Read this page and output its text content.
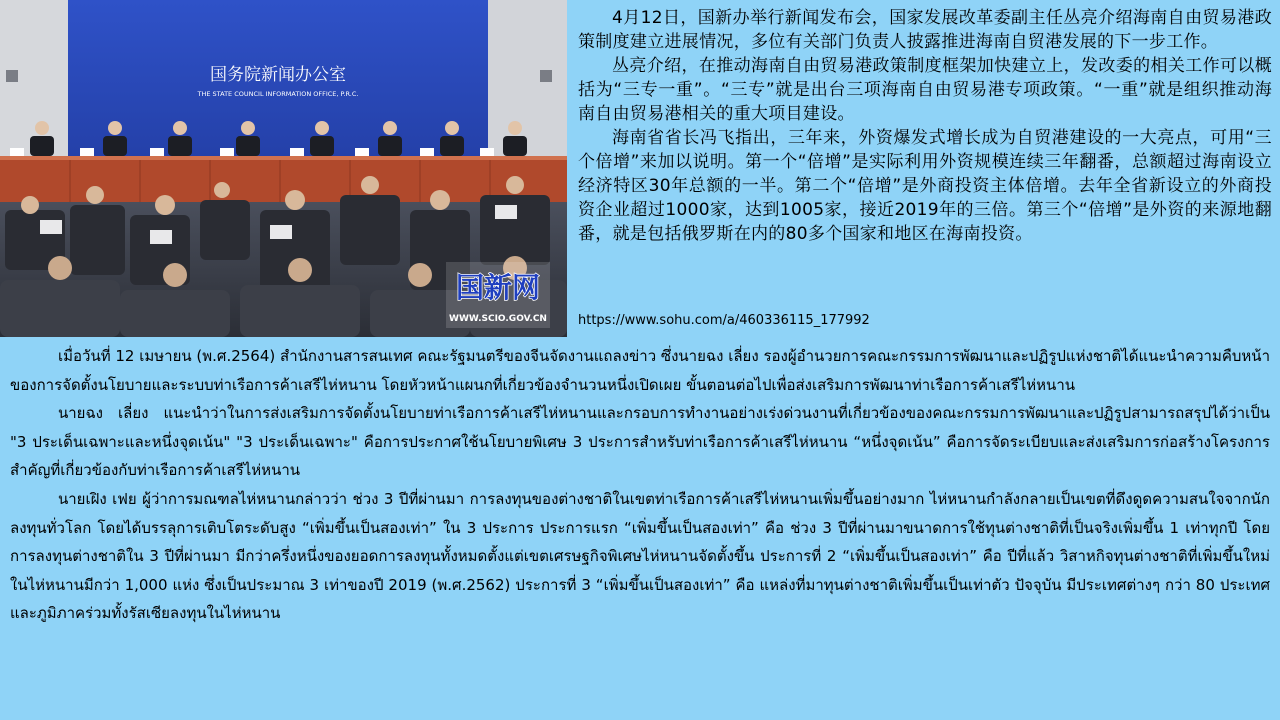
国务院新闻办公室
THE STATE COUNCIL INFORMATION OFFICE, P.R.C.
国新网
WWW.SCIO.GOV.CN

4月12日，国新办举行新闻发布会，国家发展改革委副主任丛亮介绍海南自由贸易港政策制度建立进展情况，多位有关部门负责人披露推进海南自贸港发展的下一步工作。

丛亮介绍，在推动海南自由贸易港政策制度框架加快建立上，发改委的相关工作可以概括为“三专一重”。“三专”就是出台三项海南自由贸易港专项政策。“一重”就是组织推动海南自由贸易港相关的重大项目建设。

海南省省长冯飞指出，三年来，外资爆发式增长成为自贸港建设的一大亮点，可用“三个倍增”来加以说明。第一个“倍增”是实际利用外资规模连续三年翻番，总额超过海南设立经济特区30年总额的一半。第二个“倍增”是外商投资主体倍增。去年全省新设立的外商投资企业超过1000家，达到1005家，接近2019年的三倍。第三个“倍增”是外资的来源地翻番，就是包括俄罗斯在内的80多个国家和地区在海南投资。

https://www.sohu.com/a/460336115_177992

เมื่อวันที่ 12 เมษายน (พ.ศ.2564) สำนักงานสารสนเทศ คณะรัฐมนตรีของจีนจัดงานแถลงข่าว ซึ่งนายฉง เลี่ยง รองผู้อำนวยการคณะกรรมการพัฒนาและปฏิรูปแห่งชาติได้แนะนำความคืบหน้าของการจัดตั้งนโยบายและระบบท่าเรือการค้าเสรีไห่หนาน โดยหัวหน้าแผนกที่เกี่ยวข้องจำนวนหนึ่งเปิดเผย ขั้นตอนต่อไปเพื่อส่งเสริมการพัฒนาท่าเรือการค้าเสรีไห่หนาน

นายฉง เลี่ยง แนะนำว่าในการส่งเสริมการจัดตั้งนโยบายท่าเรือการค้าเสรีไห่หนานและกรอบการทำงานอย่างเร่งด่วนงานที่เกี่ยวข้องของคณะกรรมการพัฒนาและปฏิรูปสามารถสรุปได้ว่าเป็น "3 ประเด็นเฉพาะและหนึ่งจุดเน้น" "3 ประเด็นเฉพาะ" คือการประกาศใช้นโยบายพิเศษ 3 ประการสำหรับท่าเรือการค้าเสรีไห่หนาน “หนึ่งจุดเน้น” คือการจัดระเบียบและส่งเสริมการก่อสร้างโครงการสำคัญที่เกี่ยวข้องกับท่าเรือการค้าเสรีไห่หนาน

นายเฝิง เฟย ผู้ว่าการมณฑลไห่หนานกล่าวว่า ช่วง 3 ปีที่ผ่านมา การลงทุนของต่างชาติในเขตท่าเรือการค้าเสรีไห่หนานเพิ่มขึ้นอย่างมาก ไห่หนานกำลังกลายเป็นเขตที่ดึงดูดความสนใจจากนักลงทุนทั่วโลก โดยได้บรรลุการเติบโตระดับสูง “เพิ่มขึ้นเป็นสองเท่า” ใน 3 ประการ ประการแรก “เพิ่มขึ้นเป็นสองเท่า” คือ ช่วง 3 ปีที่ผ่านมาขนาดการใช้ทุนต่างชาติที่เป็นจริงเพิ่มขึ้น 1 เท่าทุกปี โดยการลงทุนต่างชาติใน 3 ปีที่ผ่านมา มีกว่าครึ่งหนึ่งของยอดการลงทุนทั้งหมดตั้งแต่เขตเศรษฐกิจพิเศษไห่หนานจัดตั้งขึ้น ประการที่ 2 “เพิ่มขึ้นเป็นสองเท่า” คือ ปีที่แล้ว วิสาหกิจทุนต่างชาติที่เพิ่มขึ้นใหม่ในไห่หนานมีกว่า 1,000 แห่ง ซึ่งเป็นประมาณ 3 เท่าของปี 2019 (พ.ศ.2562) ประการที่ 3 “เพิ่มขึ้นเป็นสองเท่า” คือ แหล่งที่มาทุนต่างชาติเพิ่มขึ้นเป็นเท่าตัว ปัจจุบัน มีประเทศต่างๆ กว่า 80 ประเทศและภูมิภาคร่วมทั้งรัสเซียลงทุนในไห่หนาน
